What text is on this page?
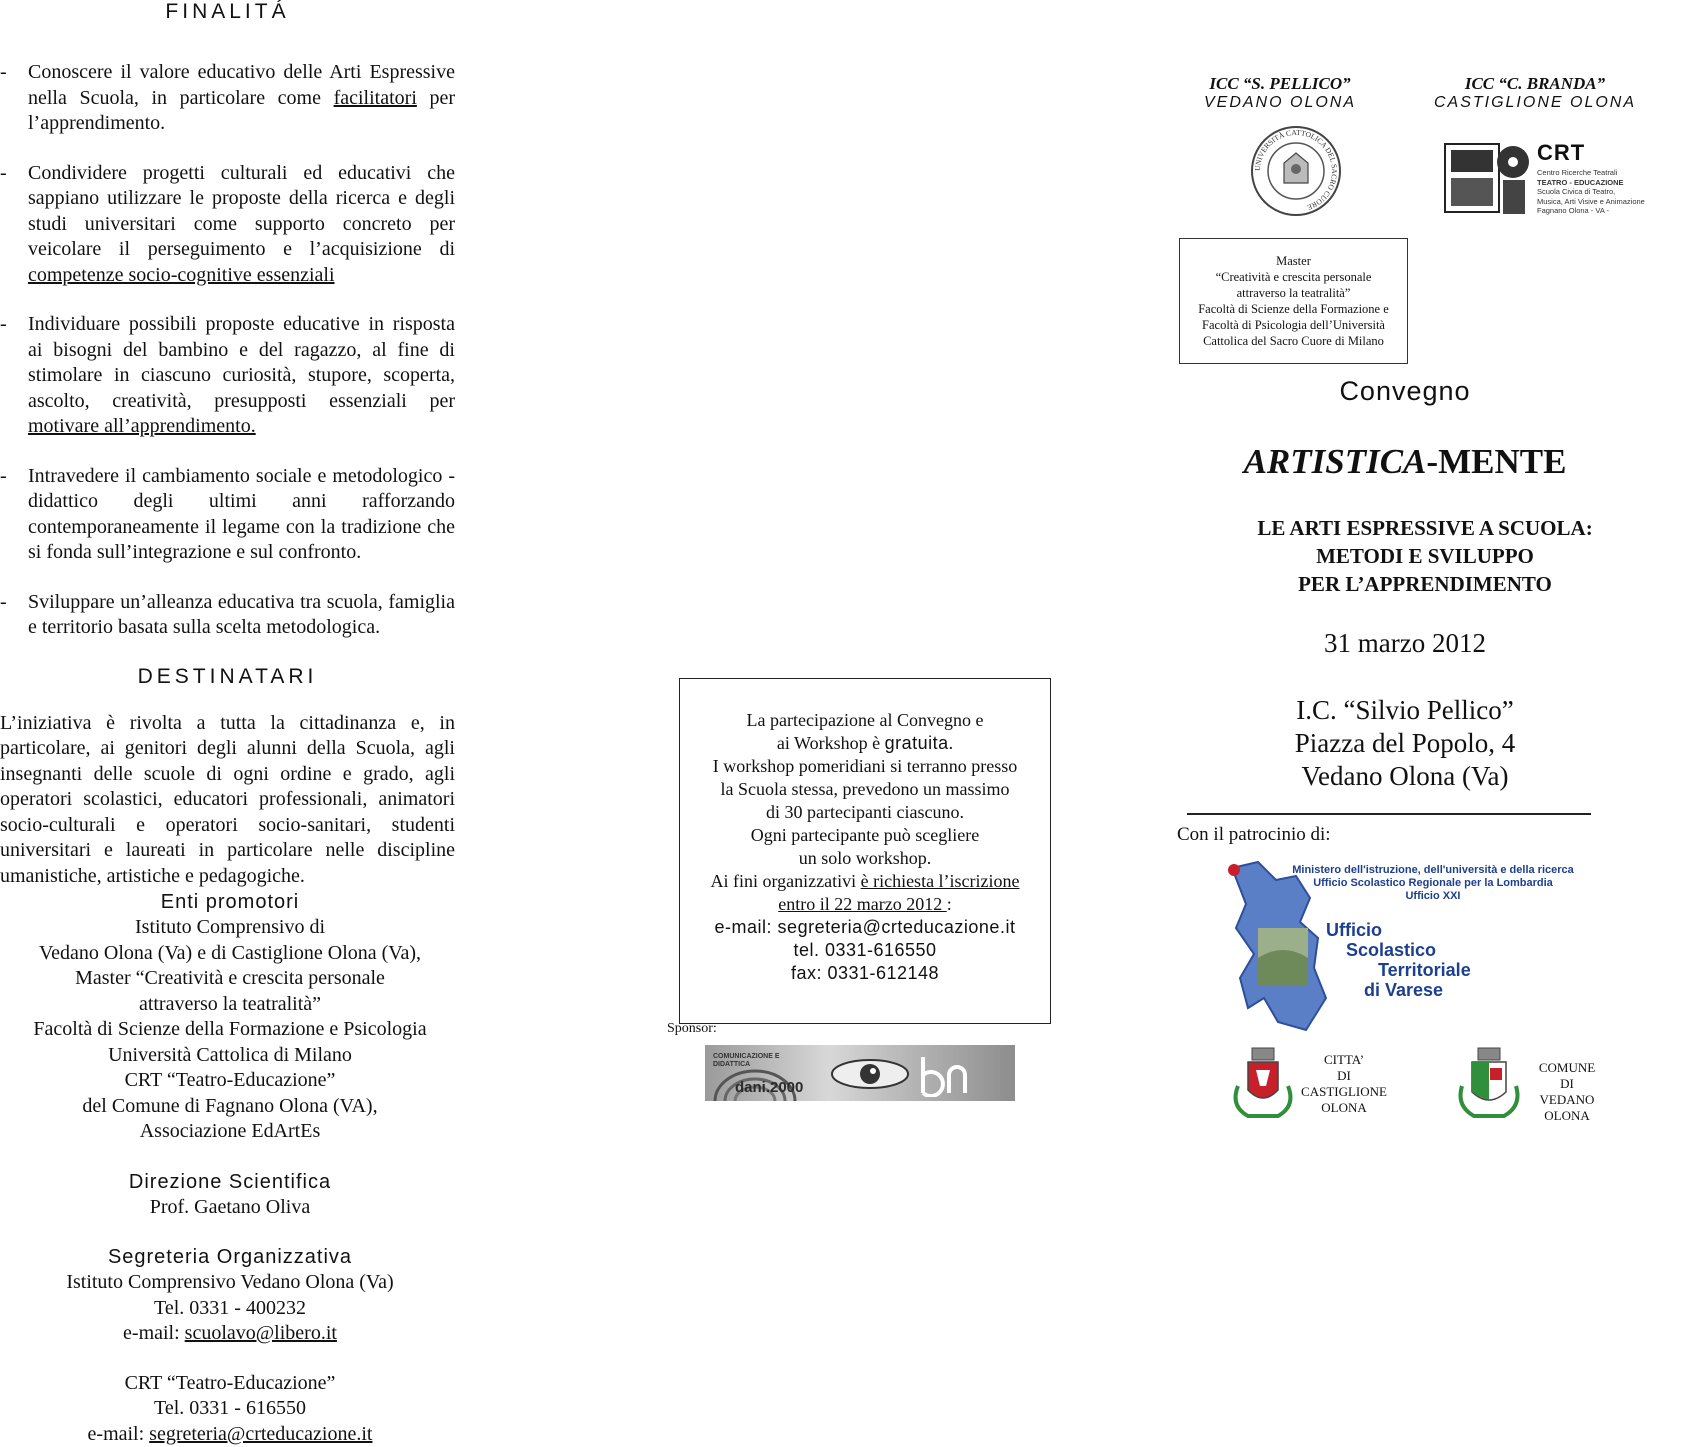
FINALITÁ
- Conoscere il valore educativo delle Arti Espressive nella Scuola, in particolare come facilitatori per l’apprendimento.
- Condividere progetti culturali ed educativi che sappiano utilizzare le proposte della ricerca e degli studi universitari come supporto concreto per veicolare il perseguimento e l’acquisizione di competenze socio-cognitive essenziali
- Individuare possibili proposte educative in risposta ai bisogni del bambino e del ragazzo, al fine di stimolare in ciascuno curiosità, stupore, scoperta, ascolto, creatività, presupposti essenziali per motivare all’apprendimento.
- Intravedere il cambiamento sociale e metodologico - didattico degli ultimi anni rafforzando contemporaneamente il legame con la tradizione che si fonda sull’integrazione e sul confronto.
- Sviluppare un’alleanza educativa tra scuola, famiglia e territorio basata sulla scelta metodologica.
DESTINATARI
L’iniziativa è rivolta a tutta la cittadinanza e, in particolare, ai genitori degli alunni della Scuola, agli insegnanti delle scuole di ogni ordine e grado, agli operatori scolastici, educatori professionali, animatori socio-culturali e operatori socio-sanitari, studenti universitari e laureati in particolare nelle discipline umanistiche, artistiche e pedagogiche.
Enti promotori
Istituto Comprensivo di
Vedano Olona (Va) e di Castiglione Olona (Va),
Master “Creatività e crescita personale
attraverso la teatralità”
Facoltà di Scienze della Formazione e Psicologia
Università Cattolica di Milano
CRT “Teatro-Educazione”
del Comune di Fagnano Olona (VA),
Associazione EdArtEs
Direzione Scientifica
Prof. Gaetano Oliva
Segreteria Organizzativa
Istituto Comprensivo Vedano Olona (Va)
Tel. 0331 - 400232
e-mail: scuolavo@libero.it
CRT “Teatro-Educazione”
Tel. 0331 - 616550
e-mail: segreteria@crteducazione.it
La partecipazione al Convegno e
ai Workshop è gratuita.
I workshop pomeridiani si terranno presso
la Scuola stessa, prevedono un massimo
di 30 partecipanti ciascuno.
Ogni partecipante può scegliere
un solo workshop.
Ai fini organizzativi è richiesta l’iscrizione
entro il 22 marzo 2012 :
e-mail: segreteria@crteducazione.it
tel. 0331-616550
fax: 0331-612148
Sponsor:
COMUNICAZIONE E DIDATTICA
dani.2000
ICC “S. PELLICO”
VEDANO OLONA
ICC “C. BRANDA”
CASTIGLIONE OLONA
UNIVERSITÀ CATTOLICA DEL SACRO CUORE
CRT
Centro Ricerche Teatrali
TEATRO - EDUCAZIONE
Scuola Civica di Teatro,
Musica, Arti Visive e Animazione
Fagnano Olona - VA -
Master
“Creatività e crescita personale
attraverso la teatralità”
Facoltà di Scienze della Formazione e
Facoltà di Psicologia dell’Università
Cattolica del Sacro Cuore di Milano
Convegno
ARTISTICA-MENTE
LE ARTI ESPRESSIVE A SCUOLA:
METODI E SVILUPPO
PER L’APPRENDIMENTO
31 marzo 2012
I.C. “Silvio Pellico”
Piazza del Popolo, 4
Vedano Olona (Va)
Con il patrocinio di:
Ministero dell'istruzione, dell'università e della ricerca
Ufficio Scolastico Regionale per la Lombardia
Ufficio XXI
Ufficio
Scolastico
Territoriale
di Varese
CITTA’
DI
CASTIGLIONE
OLONA
COMUNE
DI
VEDANO
OLONA
